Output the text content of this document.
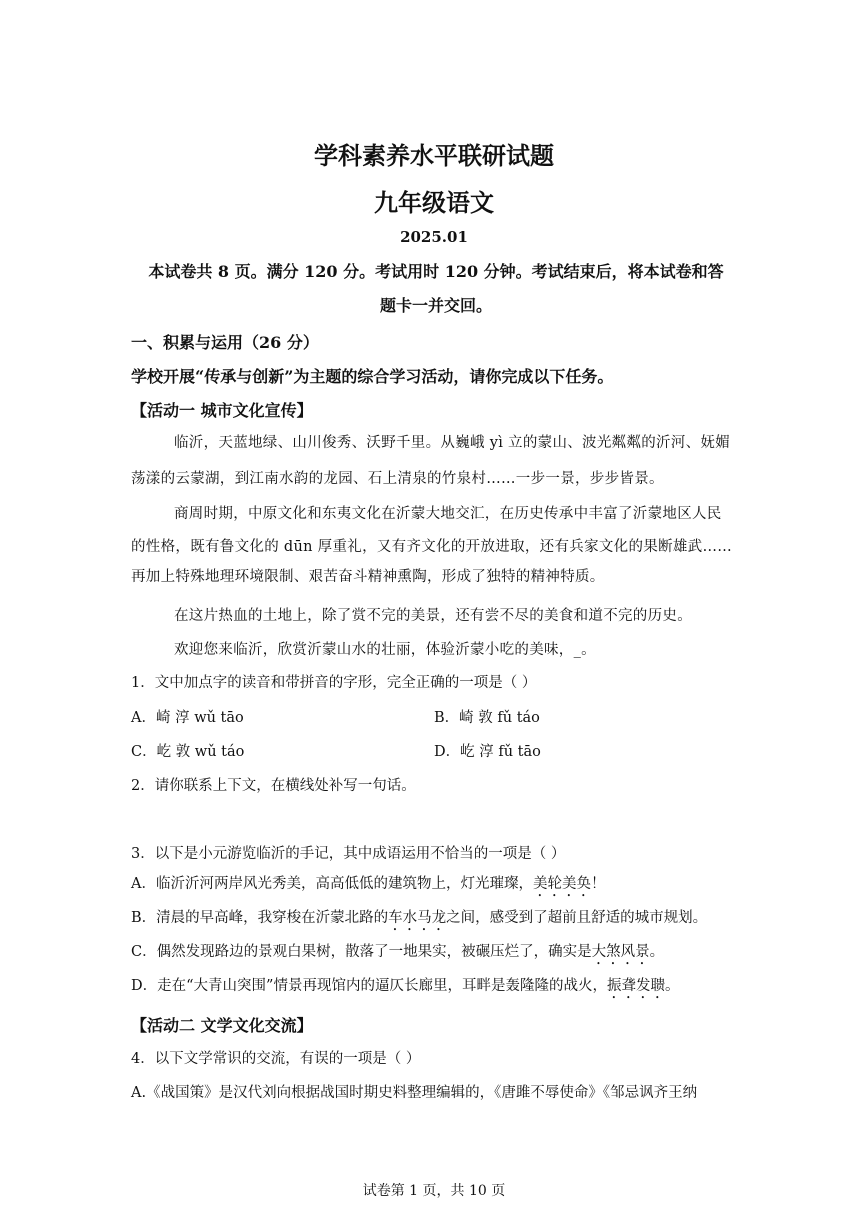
学科素养水平联研试题
九年级语文
2025.01
本试卷共 8 页。满分 120 分。考试用时 120 分钟。考试结束后，将本试卷和答
题卡一并交回。
一、积累与运用（26 分）
学校开展“传承与创新”为主题的综合学习活动，请你完成以下任务。
【活动一 城市文化宣传】
临沂，天蓝地绿、山川俊秀、沃野千里。从巍峨 yì 立的蒙山、波光粼粼的沂河、妩媚
荡漾的云蒙湖，到江南水韵的龙园、石上清泉的竹泉村……一步一景，步步皆景。
商周时期，中原文化和东夷文化在沂蒙大地交汇，在历史传承中丰富了沂蒙地区人民
的性格，既有鲁文化的 dūn 厚重礼，又有齐文化的开放进取，还有兵家文化的果断雄武……
再加上特殊地理环境限制、艰苦奋斗精神熏陶，形成了独特的精神特质。
在这片热血的土地上，除了赏不完的美景，还有尝不尽的美食和道不完的历史。
欢迎您来临沂，欣赏沂蒙山水的壮丽，体验沂蒙小吃的美味，_。
1．文中加点字的读音和带拼音的字形，完全正确的一项是（ ）
A．崎 淳 wǔ tāo	B．崎 敦 fǔ táo
C．屹 敦 wǔ táo	D．屹 淳 fǔ tāo
2．请你联系上下文，在横线处补写一句话。
3．以下是小元游览临沂的手记，其中成语运用不恰当的一项是（ ）
A．临沂沂河两岸风光秀美，高高低低的建筑物上，灯光璀璨，美轮美奂！
B．清晨的早高峰，我穿梭在沂蒙北路的车水马龙之间，感受到了超前且舒适的城市规划。
C．偶然发现路边的景观白果树，散落了一地果实，被碾压烂了，确实是大煞风景。
D．走在“大青山突围”情景再现馆内的逼仄长廊里，耳畔是轰隆隆的战火，振聋发聩。
【活动二 文学文化交流】
4．以下文学常识的交流，有误的一项是（ ）
A.《战国策》是汉代刘向根据战国时期史料整理编辑的，《唐雎不辱使命》《邹忌讽齐王纳
试卷第 1 页，共 10 页
